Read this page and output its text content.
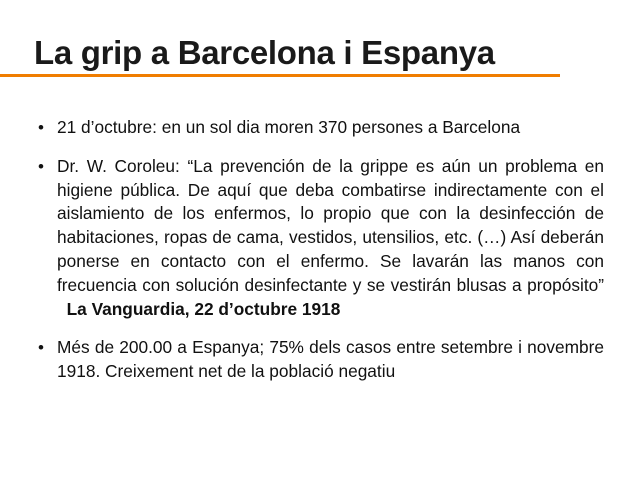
La grip a Barcelona i Espanya
• 21 d’octubre: en un sol dia moren 370 persones a Barcelona
• Dr. W. Coroleu: “La prevención de la grippe es aún un problema en higiene pública. De aquí que deba combatirse indirectamente con el aislamiento de los enfermos, lo propio que con la desinfección de habitaciones, ropas de cama, vestidos, utensilios, etc. (…) Así deberán ponerse en contacto con el enfermo. Se lavarán las manos con frecuencia con solución desinfectante y se vestirán blusas a propósito”   La Vanguardia, 22 d’octubre 1918
• Més de 200.00 a Espanya; 75% dels casos entre setembre i novembre 1918. Creixement net de la població negatiu
